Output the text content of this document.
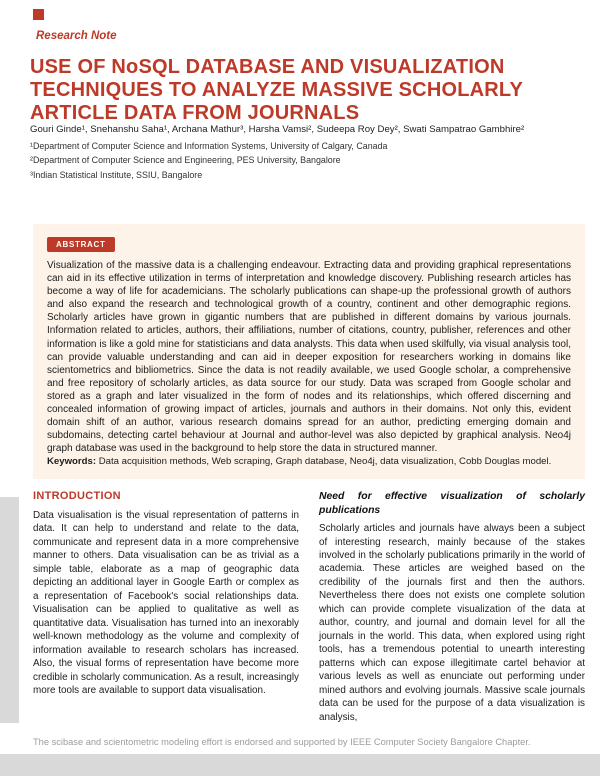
Research Note
USE OF NoSQL DATABASE AND VISUALIZATION TECHNIQUES TO ANALYZE MASSIVE SCHOLARLY ARTICLE DATA FROM JOURNALS
Gouri Ginde¹, Snehanshu Saha¹, Archana Mathur³, Harsha Vamsi², Sudeepa Roy Dey², Swati Sampatrao Gambhire²
¹Department of Computer Science and Information Systems, University of Calgary, Canada
²Department of Computer Science and Engineering, PES University, Bangalore
³Indian Statistical Institute, SSIU, Bangalore
ABSTRACT

Visualization of the massive data is a challenging endeavour. Extracting data and providing graphical representations can aid in its effective utilization in terms of interpretation and knowledge discovery. Publishing research articles has become a way of life for academicians. The scholarly publications can shape-up the professional growth of authors and also expand the research and technological growth of a country, continent and other demographic regions. Scholarly articles have grown in gigantic numbers that are published in different domains by various journals. Information related to articles, authors, their affiliations, number of citations, country, publisher, references and other information is like a gold mine for statisticians and data analysts. This data when used skilfully, via visual analysis tool, can provide valuable understanding and can aid in deeper exposition for researchers working in domains like scientometrics and bibliometrics. Since the data is not readily available, we used Google scholar, a comprehensive and free repository of scholarly articles, as data source for our study. Data was scraped from Google scholar and stored as a graph and later visualized in the form of nodes and its relationships, which offered discerning and concealed information of growing impact of articles, journals and authors in their domains. Not only this, evident domain shift of an author, various research domains spread for an author, predicting emerging domain and subdomains, detecting cartel behaviour at Journal and author-level was also depicted by graphical analysis. Neo4j graph database was used in the background to help store the data in structured manner.

Keywords: Data acquisition methods, Web scraping, Graph database, Neo4j, data visualization, Cobb Douglas model.

INTRODUCTION

Data visualisation is the visual representation of patterns in data. It can help to understand and relate to the data, communicate and represent data in a more comprehensive manner to others. Data visualisation can be as trivial as a simple table, elaborate as a map of geographic data depicting an additional layer in Google Earth or complex as a representation of Facebook's social relationships data. Visualisation can be applied to qualitative as well as quantitative data. Visualisation has turned into an inexorably well-known methodology as the volume and complexity of information available to research scholars has increased. Also, the visual forms of representation have become more credible in scholarly communication. As a result, increasingly more tools are available to support data visualisation.

Need for effective visualization of scholarly publications

Scholarly articles and journals have always been a subject of interesting research, mainly because of the stakes involved in the scholarly publications primarily in the world of academia. These articles are weighed based on the credibility of the journals first and then the authors. Nevertheless there does not exists one complete solution which can provide complete visualization of the data at author, country, and journal and domain level for all the journals in the world. This data, when explored using right tools, has a tremendous potential to unearth interesting patterns which can expose illegitimate cartel behavior at various levels as well as enunciate out performing under mined authors and evolving journals. Massive scale journals data can be used for the purpose of a data visualization is analysis,

The scibase and scientometric modeling effort is endorsed and supported by IEEE Computer Society Bangalore Chapter.
